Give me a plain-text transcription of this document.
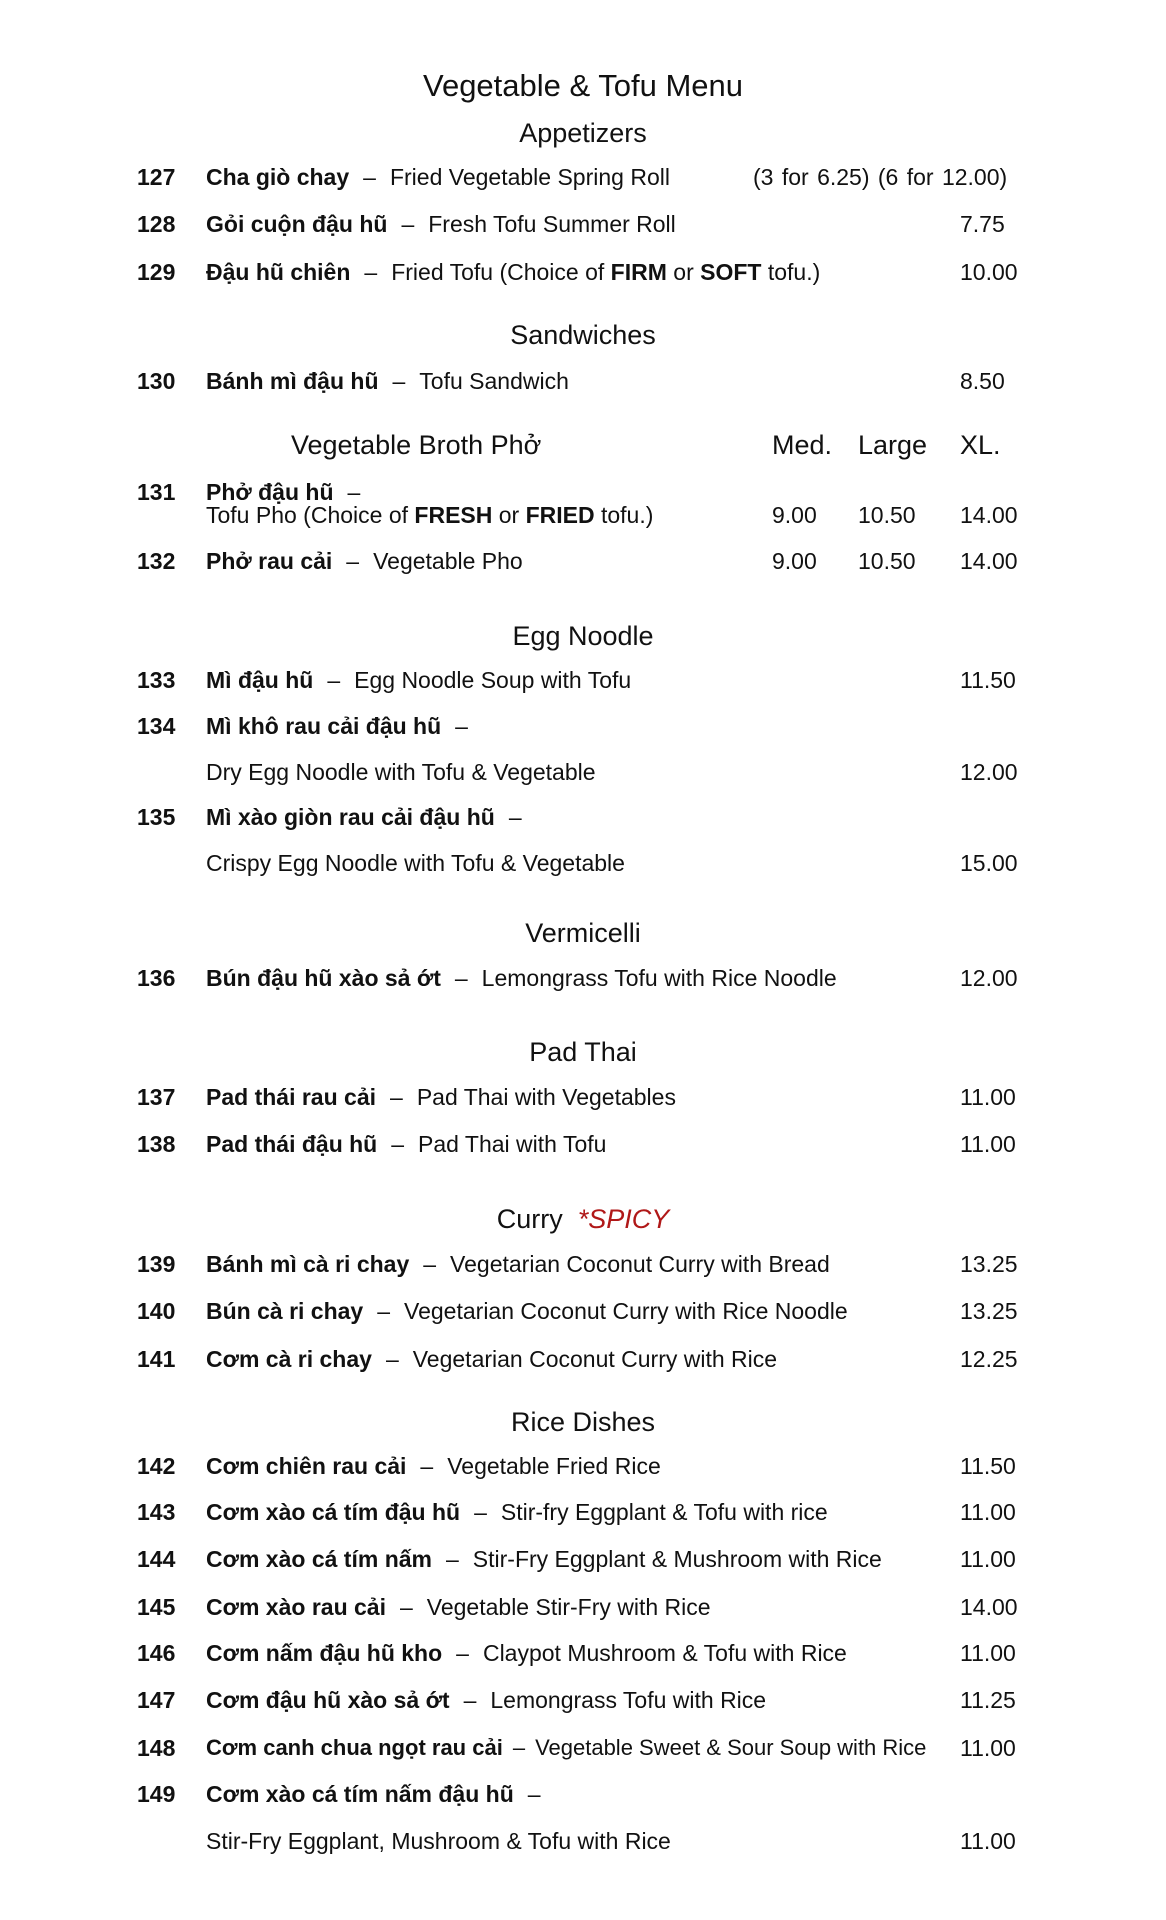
Vegetable & Tofu Menu
Appetizers
127 Cha giò chay – Fried Vegetable Spring Roll	(3 for 6.25) (6 for 12.00)
128 Gỏi cuộn đậu hũ – Fresh Tofu Summer Roll	7.75
129 Đậu hũ chiên – Fried Tofu (Choice of FIRM or SOFT tofu.)	10.00
Sandwiches
130 Bánh mì đậu hũ – Tofu Sandwich	8.50
Vegetable Broth Phở	Med. Large XL.
131 Phở đậu hũ –
Tofu Pho (Choice of FRESH or FRIED tofu.)	9.00 10.50 14.00
132 Phở rau cải – Vegetable Pho	9.00 10.50 14.00
Egg Noodle
133 Mì đậu hũ – Egg Noodle Soup with Tofu	11.50
134 Mì khô rau cải đậu hũ –
Dry Egg Noodle with Tofu & Vegetable	12.00
135 Mì xào giòn rau cải đậu hũ –
Crispy Egg Noodle with Tofu & Vegetable	15.00
Vermicelli
136 Bún đậu hũ xào sả ớt – Lemongrass Tofu with Rice Noodle	12.00
Pad Thai
137 Pad thái rau cải – Pad Thai with Vegetables	11.00
138 Pad thái đậu hũ – Pad Thai with Tofu	11.00
Curry *SPICY
139 Bánh mì cà ri chay – Vegetarian Coconut Curry with Bread	13.25
140 Bún cà ri chay – Vegetarian Coconut Curry with Rice Noodle	13.25
141 Cơm cà ri chay – Vegetarian Coconut Curry with Rice	12.25
Rice Dishes
142 Cơm chiên rau cải – Vegetable Fried Rice	11.50
143 Cơm xào cá tím đậu hũ – Stir-fry Eggplant & Tofu with rice	11.00
144 Cơm xào cá tím nấm – Stir-Fry Eggplant & Mushroom with Rice	11.00
145 Cơm xào rau cải – Vegetable Stir-Fry with Rice	14.00
146 Cơm nấm đậu hũ kho – Claypot Mushroom & Tofu with Rice	11.00
147 Cơm đậu hũ xào sả ớt – Lemongrass Tofu with Rice	11.25
148 Cơm canh chua ngọt rau cải – Vegetable Sweet & Sour Soup with Rice 11.00
149 Cơm xào cá tím nấm đậu hũ –
Stir-Fry Eggplant, Mushroom & Tofu with Rice	11.00
